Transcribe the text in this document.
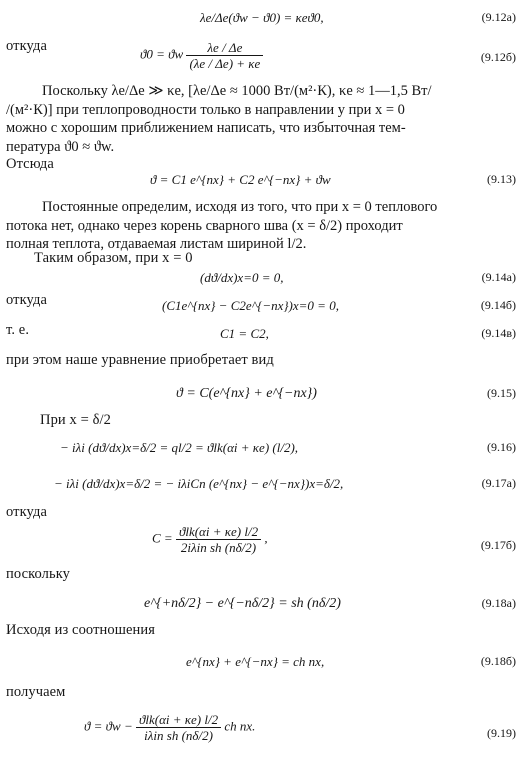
λe/Δe(ϑw − ϑ0) = κeϑ0,	(9.12а)
откуда	ϑ0 = ϑw $\frac{\lambda e / \Delta e}{(\lambda e / \Delta e) + \kappa e}$	(9.12б)
Поскольку λe/Δe ≫ κe, [λe/Δe ≈ 1000 Вт/(м²·К), κe ≈ 1—1,5 Вт/
/(м²·К)] при теплопроводности только в направлении y при x = 0
можно с хорошим приближением написать, что избыточная тем-
пература ϑ0 ≈ ϑw.
Отсюда
ϑ = C1 e^{nx} + C2 e^{−nx} + ϑw	(9.13)
Постоянные определим, исходя из того, что при x = 0 теплового
потока нет, однако через корень сварного шва (x = δ/2) проходит
полная теплота, отдаваемая листам шириной l/2.
Таким образом, при x = 0
(dϑ/dx)x=0 = 0,	(9.14а)
откуда	(C1e^{nx} − C2e^{−nx})x=0 = 0,	(9.14б)
т. е.	C1 = C2,	(9.14в)
при этом наше уравнение приобретает вид
ϑ = C(e^{nx} + e^{−nx})	(9.15)
При x = δ/2
− iλi (dϑ/dx)x=δ/2 = ql/2 = ϑlk(αi + κe) (l/2),	(9.16)
− iλi (dϑ/dx)x=δ/2 = − iλiCn (e^{nx} − e^{−nx})x=δ/2,	(9.17а)
откуда
$C = \frac{\text{ϑlk(αi + κe) l/2}}{\text{2iλin sh (nδ/2)}}$ ,	(9.17б)
поскольку
e^{+nδ/2} − e^{−nδ/2} = sh (nδ/2)	(9.18а)
Исходя из соотношения
e^{nx} + e^{−nx} = ch nx,	(9.18б)
получаем
$ϑ = ϑw - \frac{\text{ϑlk(αi + κe) l/2}}{\text{iλin sh (nδ/2)}}$ ch nx.	(9.19)
